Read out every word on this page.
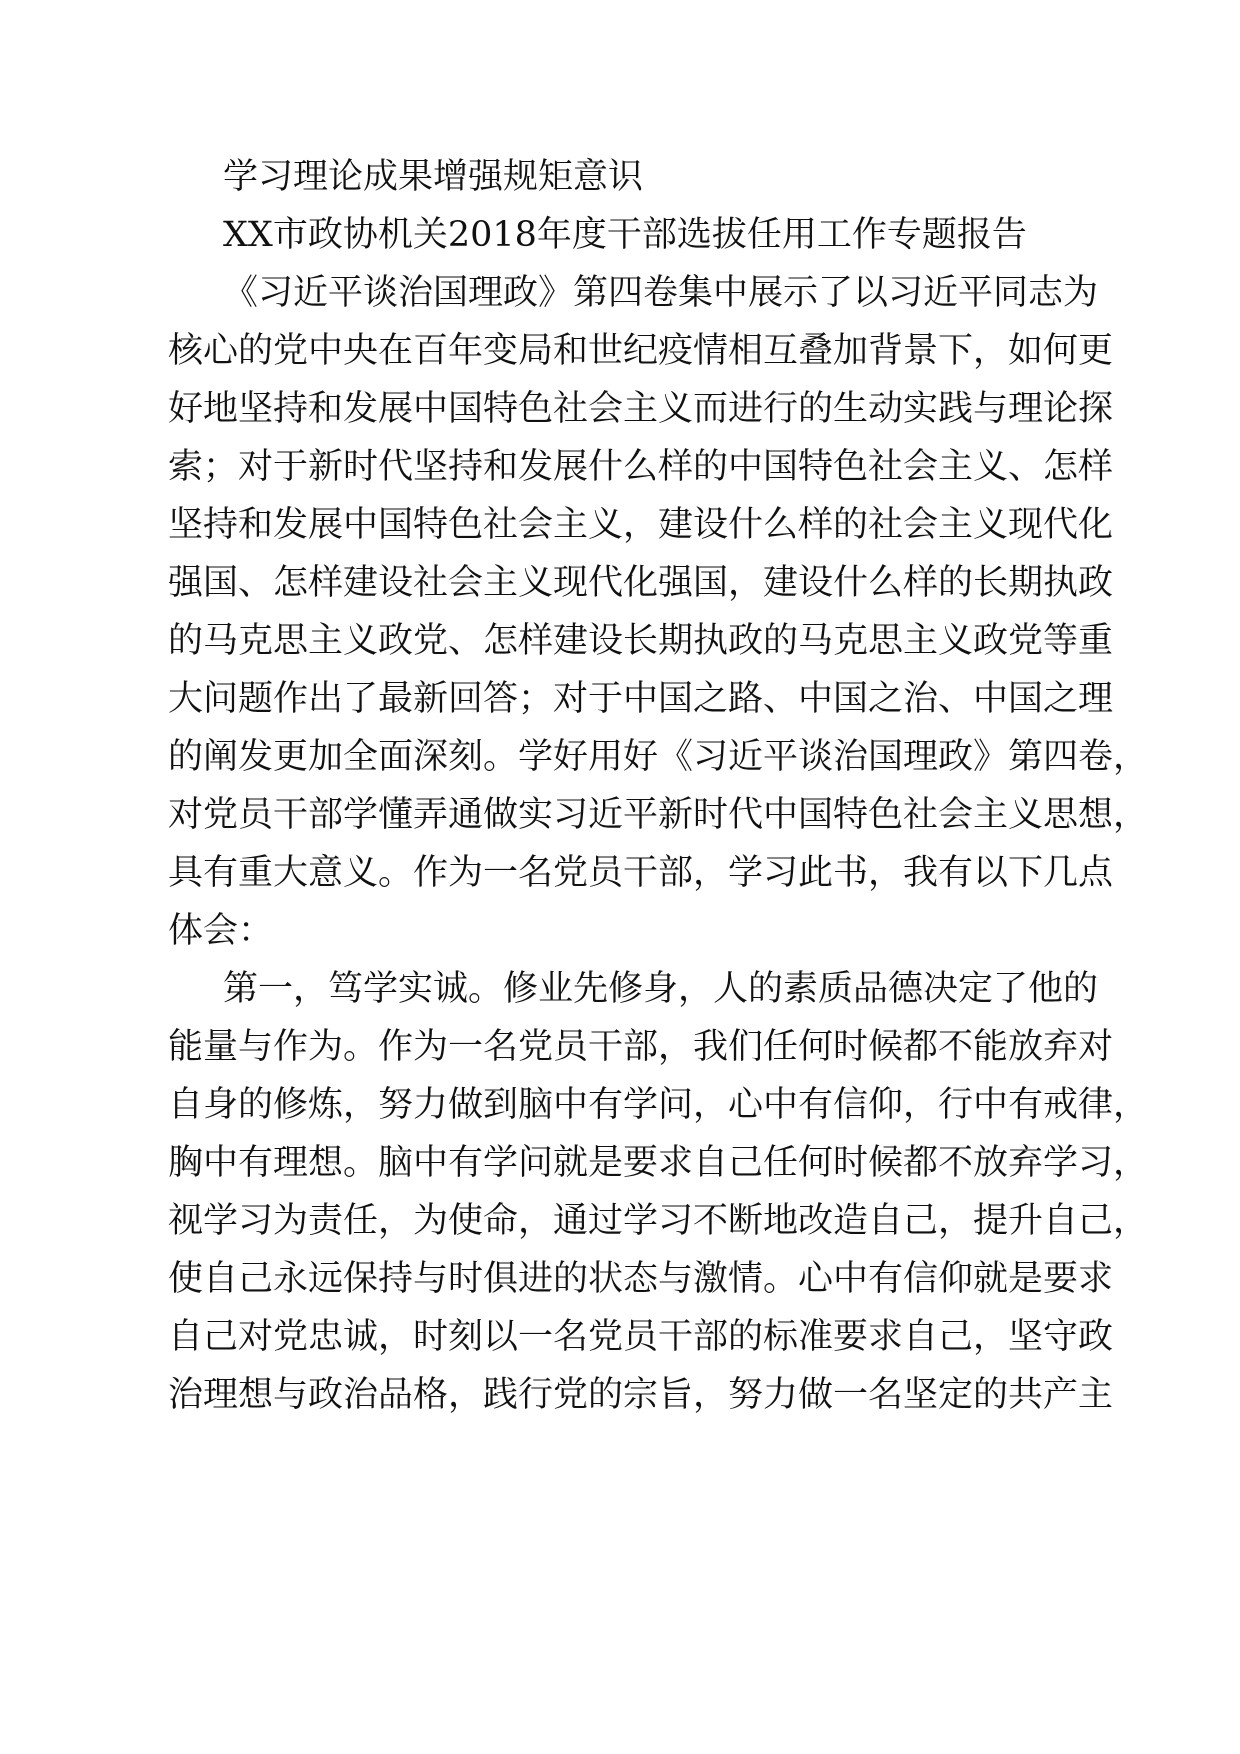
学习理论成果增强规矩意识
XX市政协机关2018年度干部选拔任用工作专题报告
《习近平谈治国理政》第四卷集中展示了以习近平同志为
核心的党中央在百年变局和世纪疫情相互叠加背景下，如何更
好地坚持和发展中国特色社会主义而进行的生动实践与理论探
索；对于新时代坚持和发展什么样的中国特色社会主义、怎样
坚持和发展中国特色社会主义，建设什么样的社会主义现代化
强国、怎样建设社会主义现代化强国，建设什么样的长期执政
的马克思主义政党、怎样建设长期执政的马克思主义政党等重
大问题作出了最新回答；对于中国之路、中国之治、中国之理
的阐发更加全面深刻。学好用好《习近平谈治国理政》第四卷，
对党员干部学懂弄通做实习近平新时代中国特色社会主义思想，
具有重大意义。作为一名党员干部，学习此书，我有以下几点
体会：
第一，笃学实诚。修业先修身，人的素质品德决定了他的
能量与作为。作为一名党员干部，我们任何时候都不能放弃对
自身的修炼，努力做到脑中有学问，心中有信仰，行中有戒律，
胸中有理想。脑中有学问就是要求自己任何时候都不放弃学习，
视学习为责任，为使命，通过学习不断地改造自己，提升自己，
使自己永远保持与时俱进的状态与激情。心中有信仰就是要求
自己对党忠诚，时刻以一名党员干部的标准要求自己，坚守政
治理想与政治品格，践行党的宗旨，努力做一名坚定的共产主
